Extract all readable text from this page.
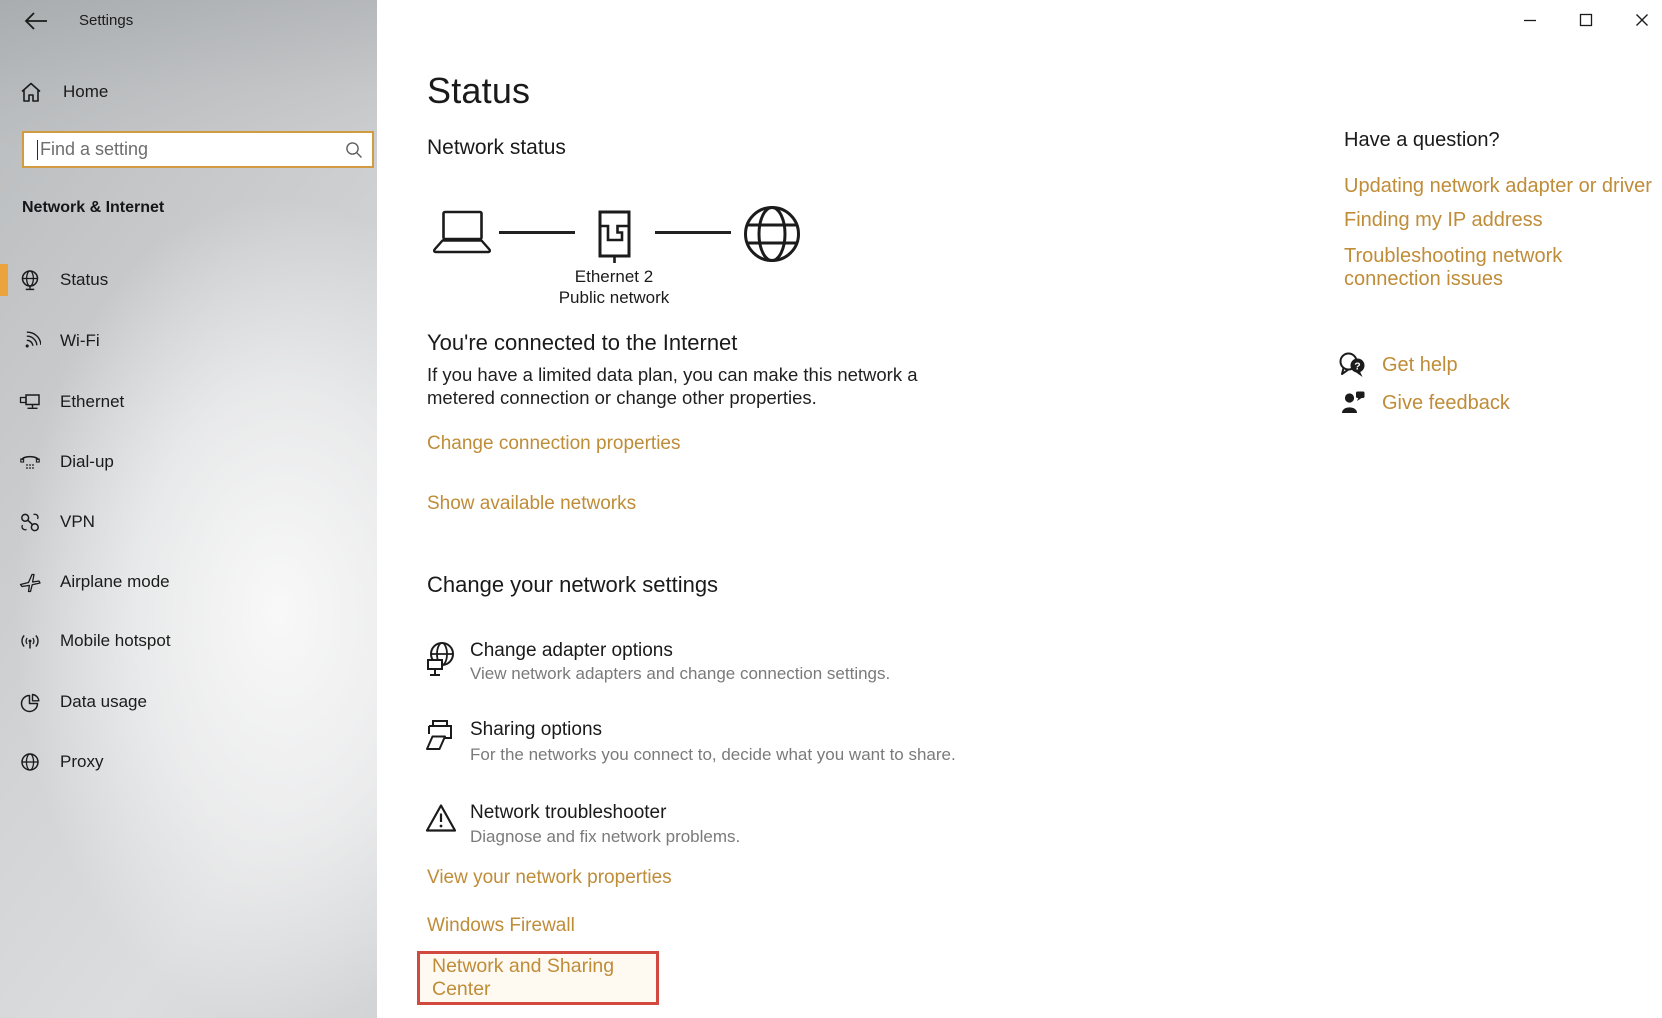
Settings
Home
Find a setting
Network & Internet
Status
Wi-Fi
Ethernet
Dial-up
VPN
Airplane mode
Mobile hotspot
Data usage
Proxy
Status
Network status
Ethernet 2
Public network
You're connected to the Internet
If you have a limited data plan, you can make this network a metered connection or change other properties.
Change connection properties
Show available networks
Change your network settings
Change adapter options
View network adapters and change connection settings.
Sharing options
For the networks you connect to, decide what you want to share.
Network troubleshooter
Diagnose and fix network problems.
View your network properties
Windows Firewall
Network and Sharing Center
Have a question?
Updating network adapter or driver
Finding my IP address
Troubleshooting network connection issues
? Get help
Give feedback
